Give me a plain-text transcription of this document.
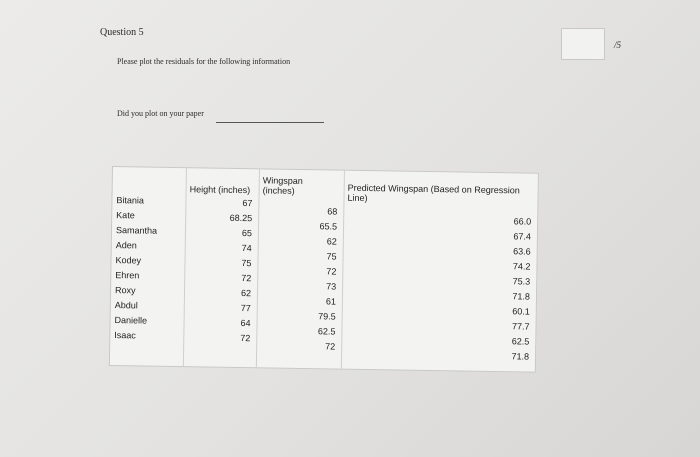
Question 5
/5
Please plot the residuals for the following information
Did you plot on your paper
Bitania
Kate
Samantha
Aden
Kodey
Ehren
Roxy
Abdul
Danielle
Isaac
Height (inches)
67
68.25
65
74
75
72
62
77
64
72
Wingspan
(inches)
68
65.5
62
75
72
73
61
79.5
62.5
72
Predicted Wingspan (Based on Regression
Line)
66.0
67.4
63.6
74.2
75.3
71.8
60.1
77.7
62.5
71.8
